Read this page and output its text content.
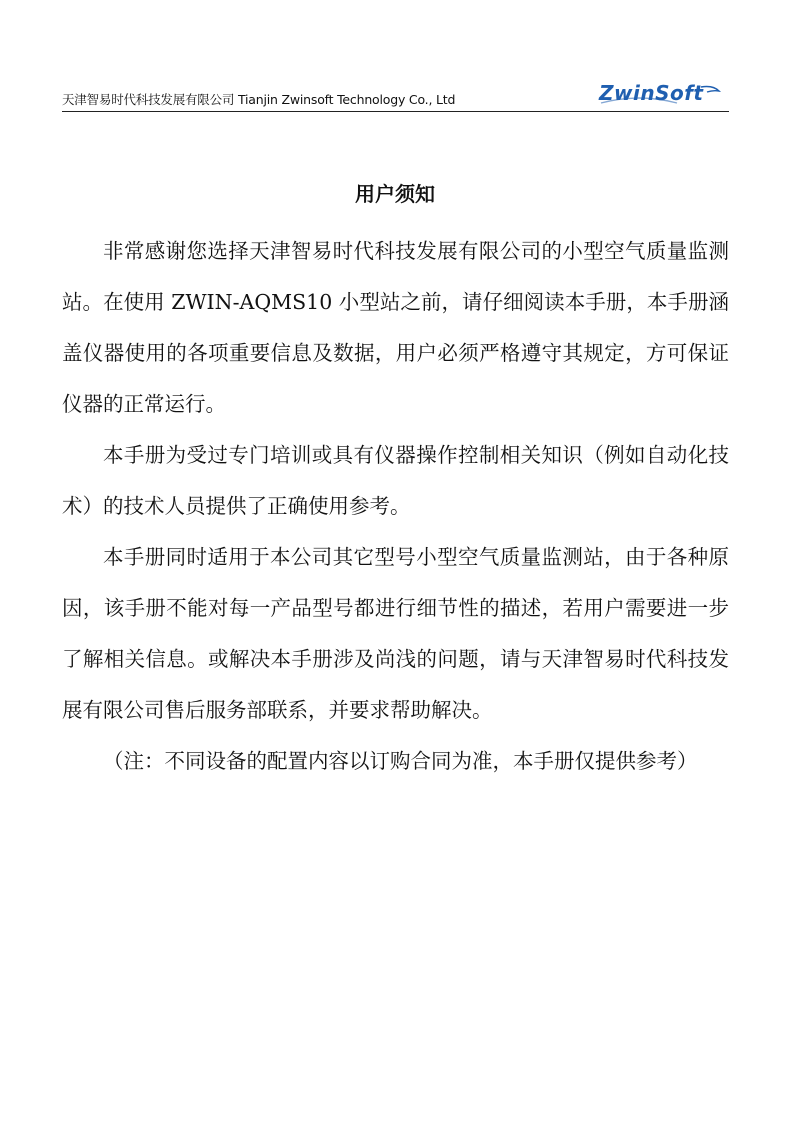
天津智易时代科技发展有限公司 Tianjin Zwinsoft Technology Co., Ltd	ZwinSoft
用户须知

非常感谢您选择天津智易时代科技发展有限公司的小型空气质量监测站。在使用 ZWIN-AQMS10 小型站之前，请仔细阅读本手册，本手册涵盖仪器使用的各项重要信息及数据，用户必须严格遵守其规定，方可保证仪器的正常运行。

本手册为受过专门培训或具有仪器操作控制相关知识（例如自动化技术）的技术人员提供了正确使用参考。

本手册同时适用于本公司其它型号小型空气质量监测站，由于各种原因，该手册不能对每一产品型号都进行细节性的描述，若用户需要进一步了解相关信息。或解决本手册涉及尚浅的问题，请与天津智易时代科技发展有限公司售后服务部联系，并要求帮助解决。

（注：不同设备的配置内容以订购合同为准，本手册仅提供参考）
